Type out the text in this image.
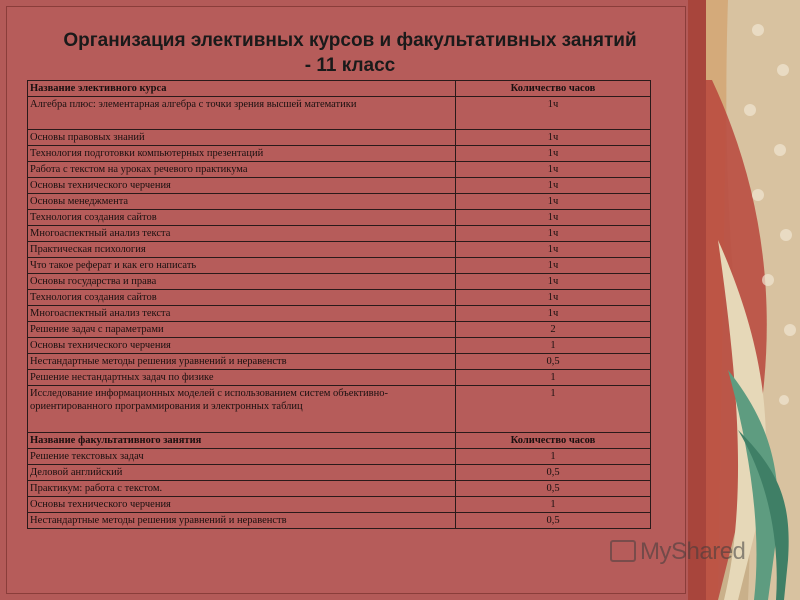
Организация элективных курсов и факультативных занятий
- 11 класс
Название элективного курса	Количество часов
Алгебра плюс: элементарная алгебра с точки зрения высшей математики	1ч
Основы правовых знаний	1ч
Технология подготовки компьютерных презентаций	1ч
Работа с текстом на уроках речевого практикума	1ч
Основы технического черчения	1ч
Основы менеджмента	1ч
Технология создания сайтов	1ч
Многоаспектный анализ текста	1ч
Практическая психология	1ч
Что такое реферат и как его написать	1ч
Основы государства и права	1ч
Технология создания сайтов	1ч
Многоаспектный анализ текста	1ч
Решение задач с параметрами	2
Основы технического черчения	1
Нестандартные методы решения уравнений и неравенств	0,5
Решение нестандартных задач по физике	1
Исследование информационных моделей с использованием систем объективно-ориентированного программирования и электронных таблиц	1
Название факультативного занятия	Количество часов
Решение текстовых задач	1
Деловой английский	0,5
Практикум: работа с текстом.	0,5
Основы технического черчения	1
Нестандартные методы решения уравнений и неравенств	0,5
MyShared
